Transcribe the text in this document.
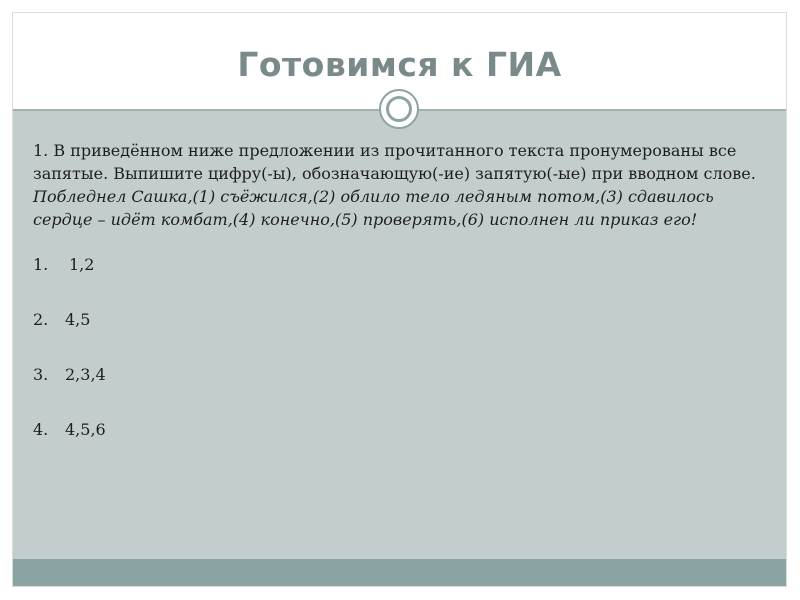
Готовимся к ГИА

1. В приведённом ниже предложении из прочитанного текста пронумерованы все запятые. Выпишите цифру(-ы), обозначающую(-ие) запятую(-ые) при вводном слове.

Побледнел Сашка,(1) съёжился,(2) облило тело ледяным потом,(3) сдавилось сердце – идёт комбат,(4) конечно,(5) проверять,(6) исполнен ли приказ его!

1. 1,2
2. 4,5
3. 2,3,4
4. 4,5,6
